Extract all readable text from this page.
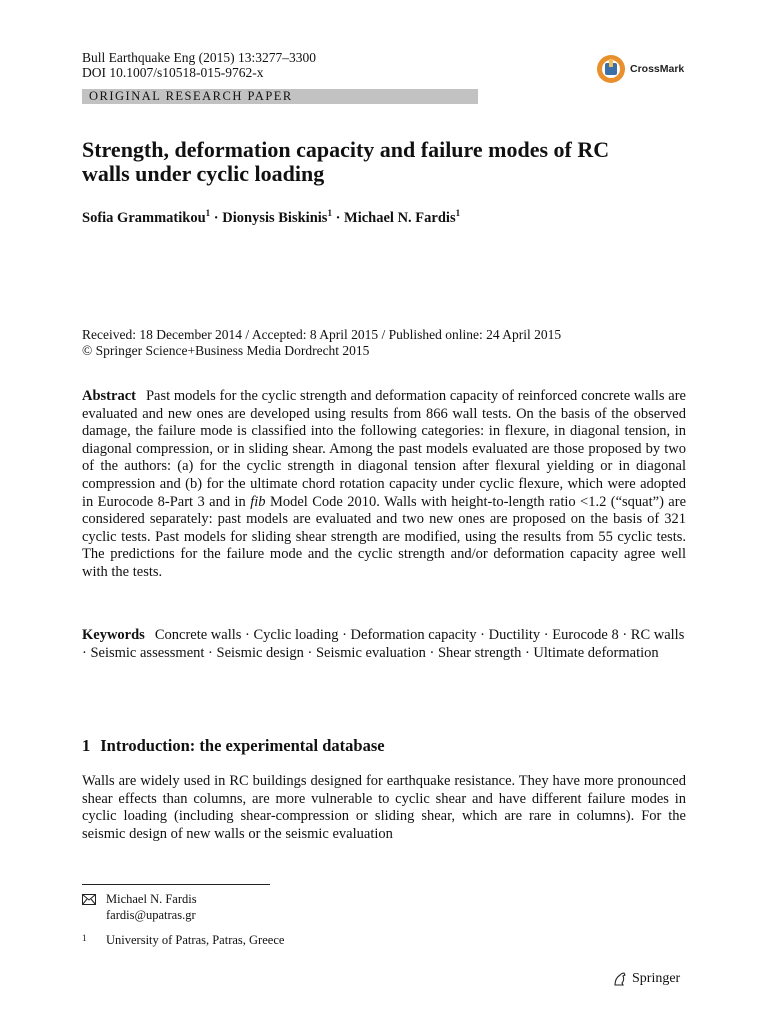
Bull Earthquake Eng (2015) 13:3277–3300
DOI 10.1007/s10518-015-9762-x	CrossMark
ORIGINAL RESEARCH PAPER
Strength, deformation capacity and failure modes of RC
walls under cyclic loading
Sofia Grammatikou$^1$ · Dionysis Biskinis$^1$ · Michael N. Fardis$^1$
Received: 18 December 2014 / Accepted: 8 April 2015 / Published online: 24 April 2015
© Springer Science+Business Media Dordrecht 2015
Abstract Past models for the cyclic strength and deformation capacity of reinforced concrete walls are evaluated and new ones are developed using results from 866 wall tests. On the basis of the observed damage, the failure mode is classified into the following categories: in flexure, in diagonal tension, in diagonal compression, or in sliding shear. Among the past models evaluated are those proposed by two of the authors: (a) for the cyclic strength in diagonal tension after flexural yielding or in diagonal compression and (b) for the ultimate chord rotation capacity under cyclic flexure, which were adopted in Eurocode 8-Part 3 and in fib Model Code 2010. Walls with height-to-length ratio <1.2 (“squat”) are considered separately: past models are evaluated and two new ones are proposed on the basis of 321 cyclic tests. Past models for sliding shear strength are modified, using the results from 55 cyclic tests. The predictions for the failure mode and the cyclic strength and/or deformation capacity agree well with the tests.
Keywords Concrete walls · Cyclic loading · Deformation capacity · Ductility · Eurocode 8 · RC walls · Seismic assessment · Seismic design · Seismic evaluation · Shear strength · Ultimate deformation
1 Introduction: the experimental database
Walls are widely used in RC buildings designed for earthquake resistance. They have more pronounced shear effects than columns, are more vulnerable to cyclic shear and have different failure modes in cyclic loading (including shear-compression or sliding shear, which are rare in columns). For the seismic design of new walls or the seismic evaluation
Michael N. Fardis
fardis@upatras.gr
1	University of Patras, Patras, Greece
Springer
